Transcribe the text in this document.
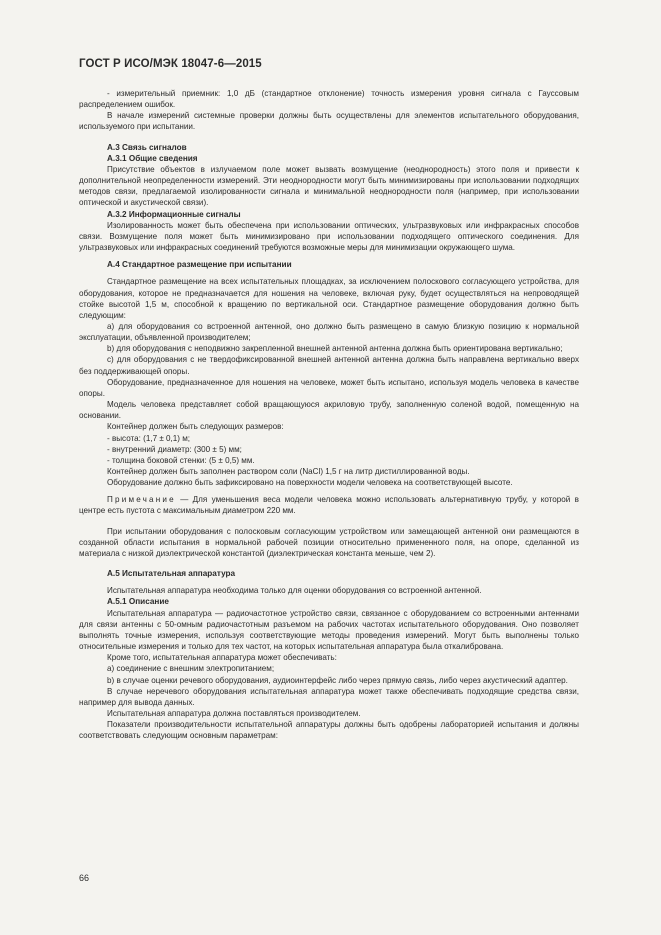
ГОСТ Р ИСО/МЭК 18047-6—2015

- измерительный приемник: 1,0 дБ (стандартное отклонение) точность измерения уровня сигнала с Гауссовым распределением ошибок.

В начале измерений системные проверки должны быть осуществлены для элементов испытательного оборудования, используемого при испытании.

А.3 Связь сигналов

А.3.1 Общие сведения

Присутствие объектов в излучаемом поле может вызвать возмущение (неоднородность) этого поля и привести к дополнительной неопределенности измерений. Эти неоднородности могут быть минимизированы при использовании подходящих методов связи, предлагаемой изолированности сигнала и минимальной неоднородности поля (например, при использовании оптической и акустической связи).

А.3.2 Информационные сигналы

Изолированность может быть обеспечена при использовании оптических, ультразвуковых или инфракрасных способов связи. Возмущение поля может быть минимизировано при использовании подходящего оптического соединения. Для ультразвуковых или инфракрасных соединений требуются возможные меры для минимизации окружающего шума.

А.4 Стандартное размещение при испытании

Стандартное размещение на всех испытательных площадках, за исключением полоскового согласующего устройства, для оборудования, которое не предназначается для ношения на человеке, включая руку, будет осуществляться на непроводящей стойке высотой 1,5 м, способной к вращению по вертикальной оси. Стандартное размещение оборудования должно быть следующим:

а) для оборудования со встроенной антенной, оно должно быть размещено в самую близкую позицию к нормальной эксплуатации, объявленной производителем;

b) для оборудования с неподвижно закрепленной внешней антенной антенна должна быть ориентирована вертикально;

с) для оборудования с не твердофиксированной внешней антенной антенна должна быть направлена вертикально вверх без поддерживающей опоры.

Оборудование, предназначенное для ношения на человеке, может быть испытано, используя модель человека в качестве опоры.

Модель человека представляет собой вращающуюся акриловую трубу, заполненную соленой водой, помещенную на основании.

Контейнер должен быть следующих размеров:

- высота: (1,7 ± 0,1) м;

- внутренний диаметр: (300 ± 5) мм;

- толщина боковой стенки: (5 ± 0,5) мм.

Контейнер должен быть заполнен раствором соли (NaCl) 1,5 г на литр дистиллированной воды.

Оборудование должно быть зафиксировано на поверхности модели человека на соответствующей высоте.

Примечание — Для уменьшения веса модели человека можно использовать альтернативную трубу, у которой в центре есть пустота с максимальным диаметром 220 мм.

При испытании оборудования с полосковым согласующим устройством или замещающей антенной они размещаются в созданной области испытания в нормальной рабочей позиции относительно примененного поля, на опоре, сделанной из материала с низкой диэлектрической константой (диэлектрическая константа меньше, чем 2).

А.5 Испытательная аппаратура

Испытательная аппаратура необходима только для оценки оборудования со встроенной антенной.

А.5.1 Описание

Испытательная аппаратура — радиочастотное устройство связи, связанное с оборудованием со встроенными антеннами для связи антенны с 50-омным радиочастотным разъемом на рабочих частотах испытательного оборудования. Оно позволяет выполнять точные измерения, используя соответствующие методы проведения измерений. Могут быть выполнены только относительные измерения и только для тех частот, на которых испытательная аппаратура была откалибрована.

Кроме того, испытательная аппаратура может обеспечивать:

а) соединение с внешним электропитанием;

b) в случае оценки речевого оборудования, аудиоинтерфейс либо через прямую связь, либо через акустический адаптер.

В случае неречевого оборудования испытательная аппаратура может также обеспечивать подходящие средства связи, например для вывода данных.

Испытательная аппаратура должна поставляться производителем.

Показатели производительности испытательной аппаратуры должны быть одобрены лабораторией испытания и должны соответствовать следующим основным параметрам:

66
